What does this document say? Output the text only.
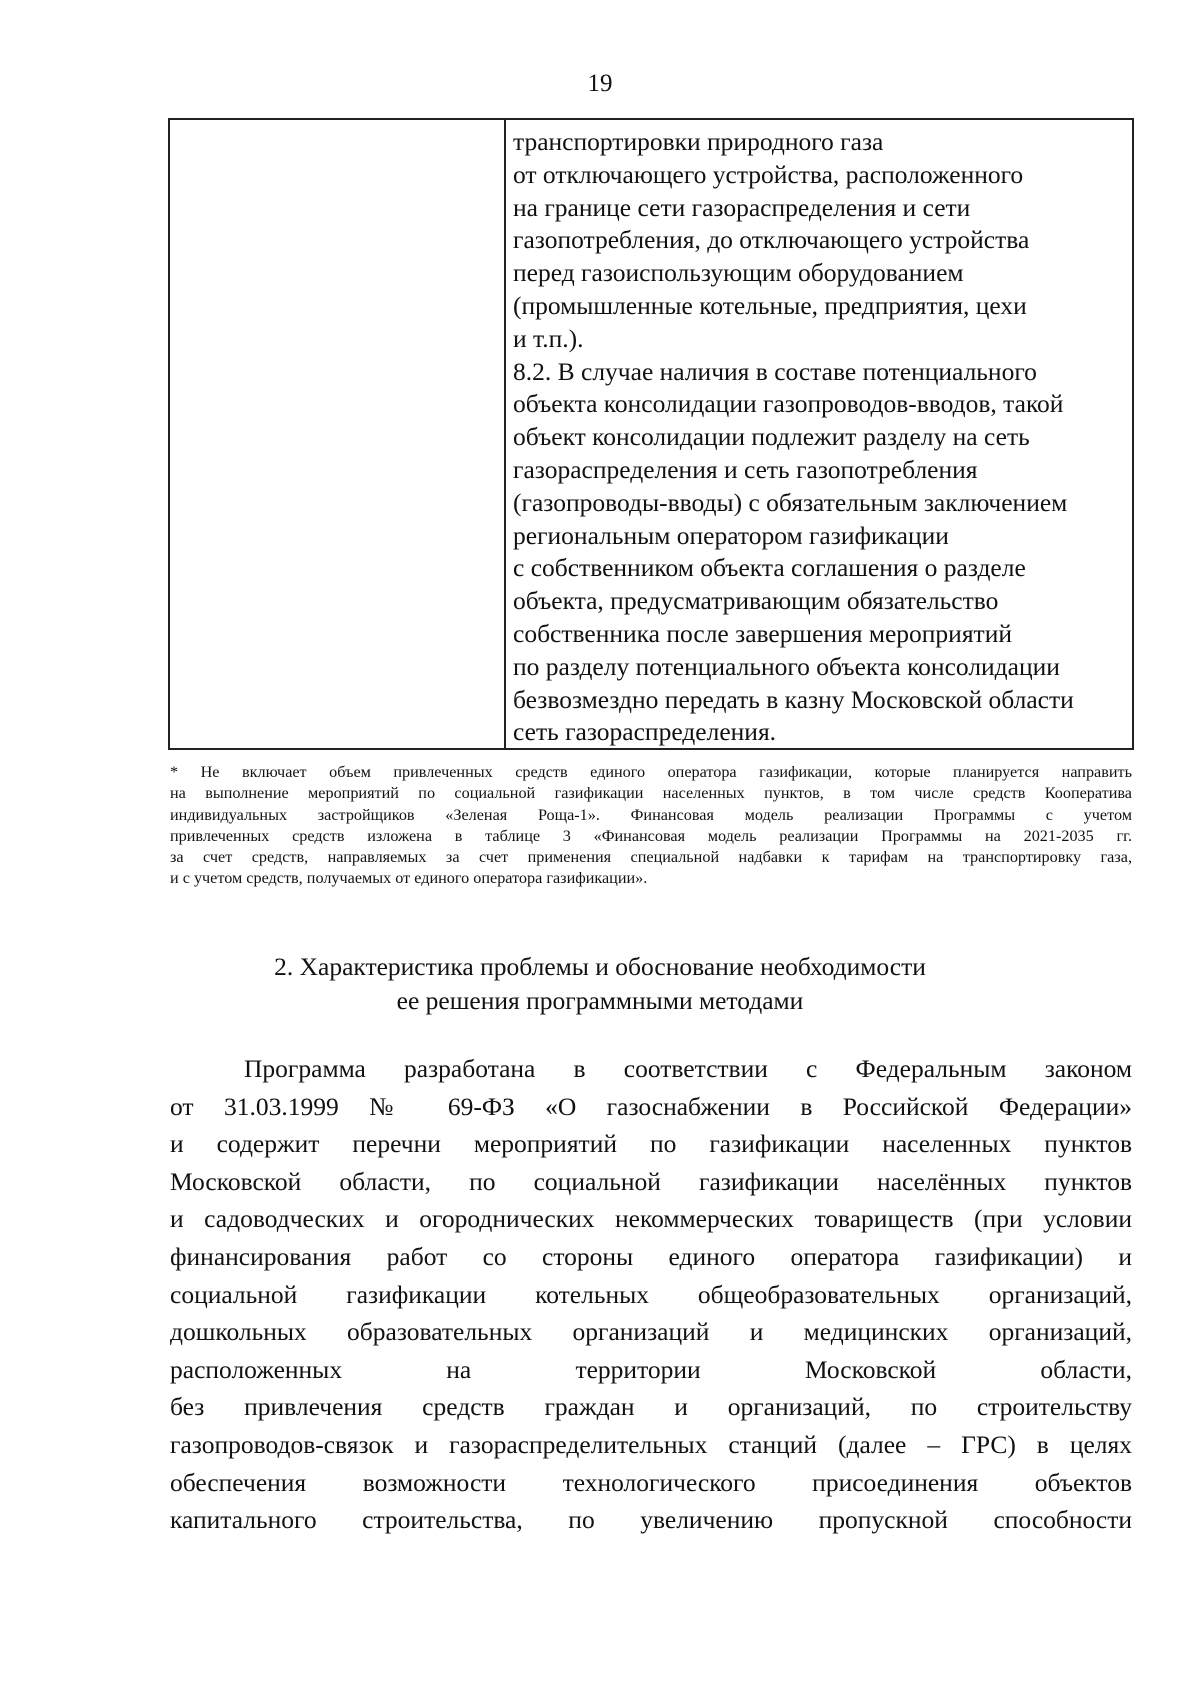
19
транспортировки природного газа
от отключающего устройства, расположенного
на границе сети газораспределения и сети
газопотребления, до отключающего устройства
перед газоиспользующим оборудованием
(промышленные котельные, предприятия, цехи
и т.п.).
8.2. В случае наличия в составе потенциального
объекта консолидации газопроводов-вводов, такой
объект консолидации подлежит разделу на сеть
газораспределения и сеть газопотребления
(газопроводы-вводы) с обязательным заключением
региональным оператором газификации
с собственником объекта соглашения о разделе
объекта, предусматривающим обязательство
собственника после завершения мероприятий
по разделу потенциального объекта консолидации
безвозмездно передать в казну Московской области
сеть газораспределения.
* Не включает объем привлеченных средств единого оператора газификации, которые планируется направить
на выполнение мероприятий по социальной газификации населенных пунктов, в том числе средств Кооператива
индивидуальных застройщиков «Зеленая Роща-1». Финансовая модель реализации Программы с учетом
привлеченных средств изложена в таблице 3 «Финансовая модель реализации Программы на 2021-2035 гг.
за счет средств, направляемых за счет применения специальной надбавки к тарифам на транспортировку газа,
и с учетом средств, получаемых от единого оператора газификации».
2. Характеристика проблемы и обоснование необходимости
ее решения программными методами
Программа разработана в соответствии с Федеральным законом
от 31.03.1999 № 69-ФЗ «О газоснабжении в Российской Федерации»
и содержит перечни мероприятий по газификации населенных пунктов
Московской области, по социальной газификации населённых пунктов
и садоводческих и огороднических некоммерческих товариществ (при условии
финансирования работ со стороны единого оператора газификации) и
социальной газификации котельных общеобразовательных организаций,
дошкольных образовательных организаций и медицинских организаций,
расположенных на территории Московской области,
без привлечения средств граждан и организаций, по строительству
газопроводов-связок и газораспределительных станций (далее – ГРС) в целях
обеспечения возможности технологического присоединения объектов
капитального строительства, по увеличению пропускной способности
